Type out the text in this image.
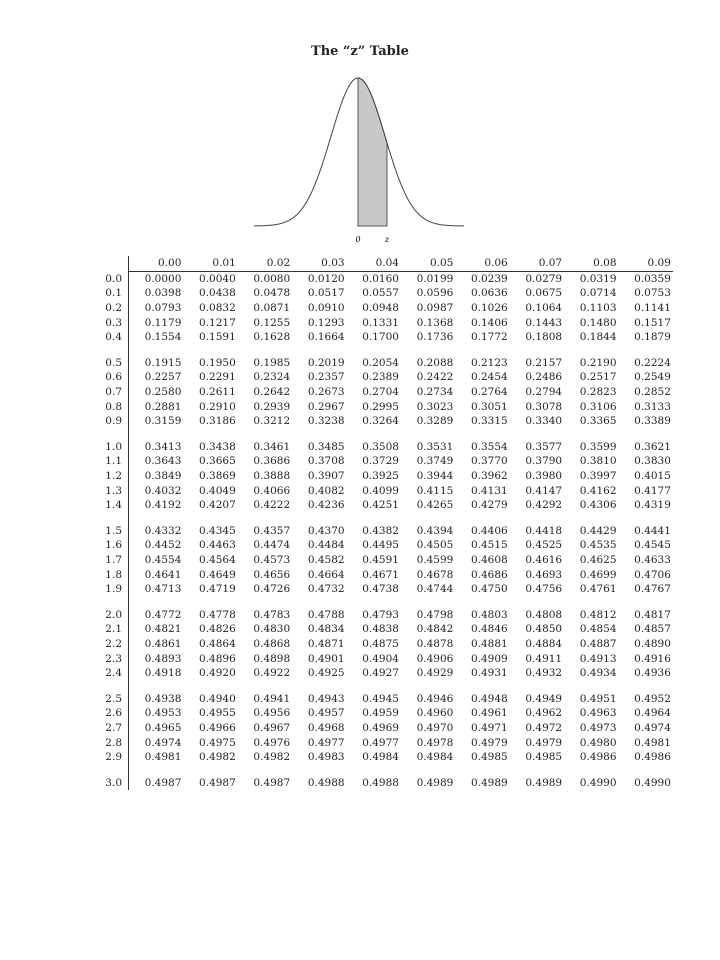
The “z” Table
0	z
	0.00	0.01	0.02	0.03	0.04	0.05	0.06	0.07	0.08	0.09
0.0	0.0000	0.0040	0.0080	0.0120	0.0160	0.0199	0.0239	0.0279	0.0319	0.0359
0.1	0.0398	0.0438	0.0478	0.0517	0.0557	0.0596	0.0636	0.0675	0.0714	0.0753
0.2	0.0793	0.0832	0.0871	0.0910	0.0948	0.0987	0.1026	0.1064	0.1103	0.1141
0.3	0.1179	0.1217	0.1255	0.1293	0.1331	0.1368	0.1406	0.1443	0.1480	0.1517
0.4	0.1554	0.1591	0.1628	0.1664	0.1700	0.1736	0.1772	0.1808	0.1844	0.1879

0.5	0.1915	0.1950	0.1985	0.2019	0.2054	0.2088	0.2123	0.2157	0.2190	0.2224
0.6	0.2257	0.2291	0.2324	0.2357	0.2389	0.2422	0.2454	0.2486	0.2517	0.2549
0.7	0.2580	0.2611	0.2642	0.2673	0.2704	0.2734	0.2764	0.2794	0.2823	0.2852
0.8	0.2881	0.2910	0.2939	0.2967	0.2995	0.3023	0.3051	0.3078	0.3106	0.3133
0.9	0.3159	0.3186	0.3212	0.3238	0.3264	0.3289	0.3315	0.3340	0.3365	0.3389

1.0	0.3413	0.3438	0.3461	0.3485	0.3508	0.3531	0.3554	0.3577	0.3599	0.3621
1.1	0.3643	0.3665	0.3686	0.3708	0.3729	0.3749	0.3770	0.3790	0.3810	0.3830
1.2	0.3849	0.3869	0.3888	0.3907	0.3925	0.3944	0.3962	0.3980	0.3997	0.4015
1.3	0.4032	0.4049	0.4066	0.4082	0.4099	0.4115	0.4131	0.4147	0.4162	0.4177
1.4	0.4192	0.4207	0.4222	0.4236	0.4251	0.4265	0.4279	0.4292	0.4306	0.4319

1.5	0.4332	0.4345	0.4357	0.4370	0.4382	0.4394	0.4406	0.4418	0.4429	0.4441
1.6	0.4452	0.4463	0.4474	0.4484	0.4495	0.4505	0.4515	0.4525	0.4535	0.4545
1.7	0.4554	0.4564	0.4573	0.4582	0.4591	0.4599	0.4608	0.4616	0.4625	0.4633
1.8	0.4641	0.4649	0.4656	0.4664	0.4671	0.4678	0.4686	0.4693	0.4699	0.4706
1.9	0.4713	0.4719	0.4726	0.4732	0.4738	0.4744	0.4750	0.4756	0.4761	0.4767

2.0	0.4772	0.4778	0.4783	0.4788	0.4793	0.4798	0.4803	0.4808	0.4812	0.4817
2.1	0.4821	0.4826	0.4830	0.4834	0.4838	0.4842	0.4846	0.4850	0.4854	0.4857
2.2	0.4861	0.4864	0.4868	0.4871	0.4875	0.4878	0.4881	0.4884	0.4887	0.4890
2.3	0.4893	0.4896	0.4898	0.4901	0.4904	0.4906	0.4909	0.4911	0.4913	0.4916
2.4	0.4918	0.4920	0.4922	0.4925	0.4927	0.4929	0.4931	0.4932	0.4934	0.4936

2.5	0.4938	0.4940	0.4941	0.4943	0.4945	0.4946	0.4948	0.4949	0.4951	0.4952
2.6	0.4953	0.4955	0.4956	0.4957	0.4959	0.4960	0.4961	0.4962	0.4963	0.4964
2.7	0.4965	0.4966	0.4967	0.4968	0.4969	0.4970	0.4971	0.4972	0.4973	0.4974
2.8	0.4974	0.4975	0.4976	0.4977	0.4977	0.4978	0.4979	0.4979	0.4980	0.4981
2.9	0.4981	0.4982	0.4982	0.4983	0.4984	0.4984	0.4985	0.4985	0.4986	0.4986

3.0	0.4987	0.4987	0.4987	0.4988	0.4988	0.4989	0.4989	0.4989	0.4990	0.4990
